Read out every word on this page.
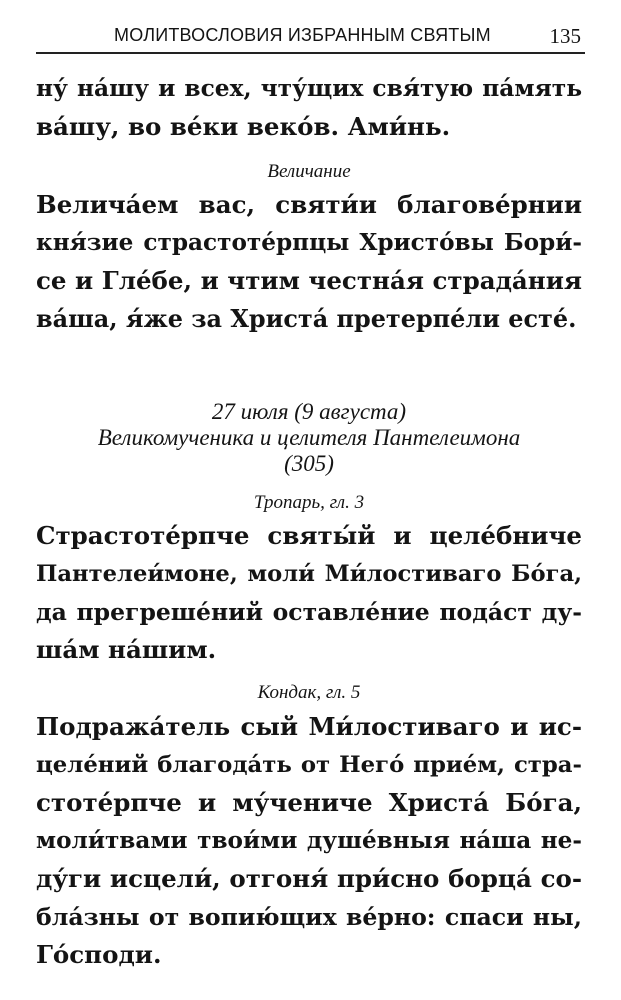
МОЛИТВОСЛОВИЯ ИЗБРАННЫМ СВЯТЫМ	135

ну́ на́шу и всех, чту́щих свя́тую па́мять
ва́шу, во ве́ки веко́в. Ами́нь.

Величание

Велича́ем вас, святи́и благове́рнии
кня́зие страстоте́рпцы Христо́вы Бори́-
се и Гле́бе, и чтим честна́я страда́ния
ва́ша, я́же за Христа́ претерпе́ли есте́.

27 июля (9 августа)
Великомученика и целителя Пантелеимона
(305)

Тропарь, гл. 3

Страстоте́рпче святы́й и целе́бниче
Пантелеи́моне, моли́ Ми́лостиваго Бо́га,
да прегреше́ний оставле́ние пода́ст ду-
ша́м на́шим.

Кондак, гл. 5

Подража́тель сый Ми́лостиваго и ис-
целе́ний благода́ть от Него́ прие́м, стра-
стоте́рпче и му́чениче Христа́ Бо́га,
моли́твами твои́ми душе́вныя на́ша не-
ду́ги исцели́, отгоня́ при́сно борца́ со-
бла́зны от вопию́щих ве́рно: спаси ны,
Го́споди.
